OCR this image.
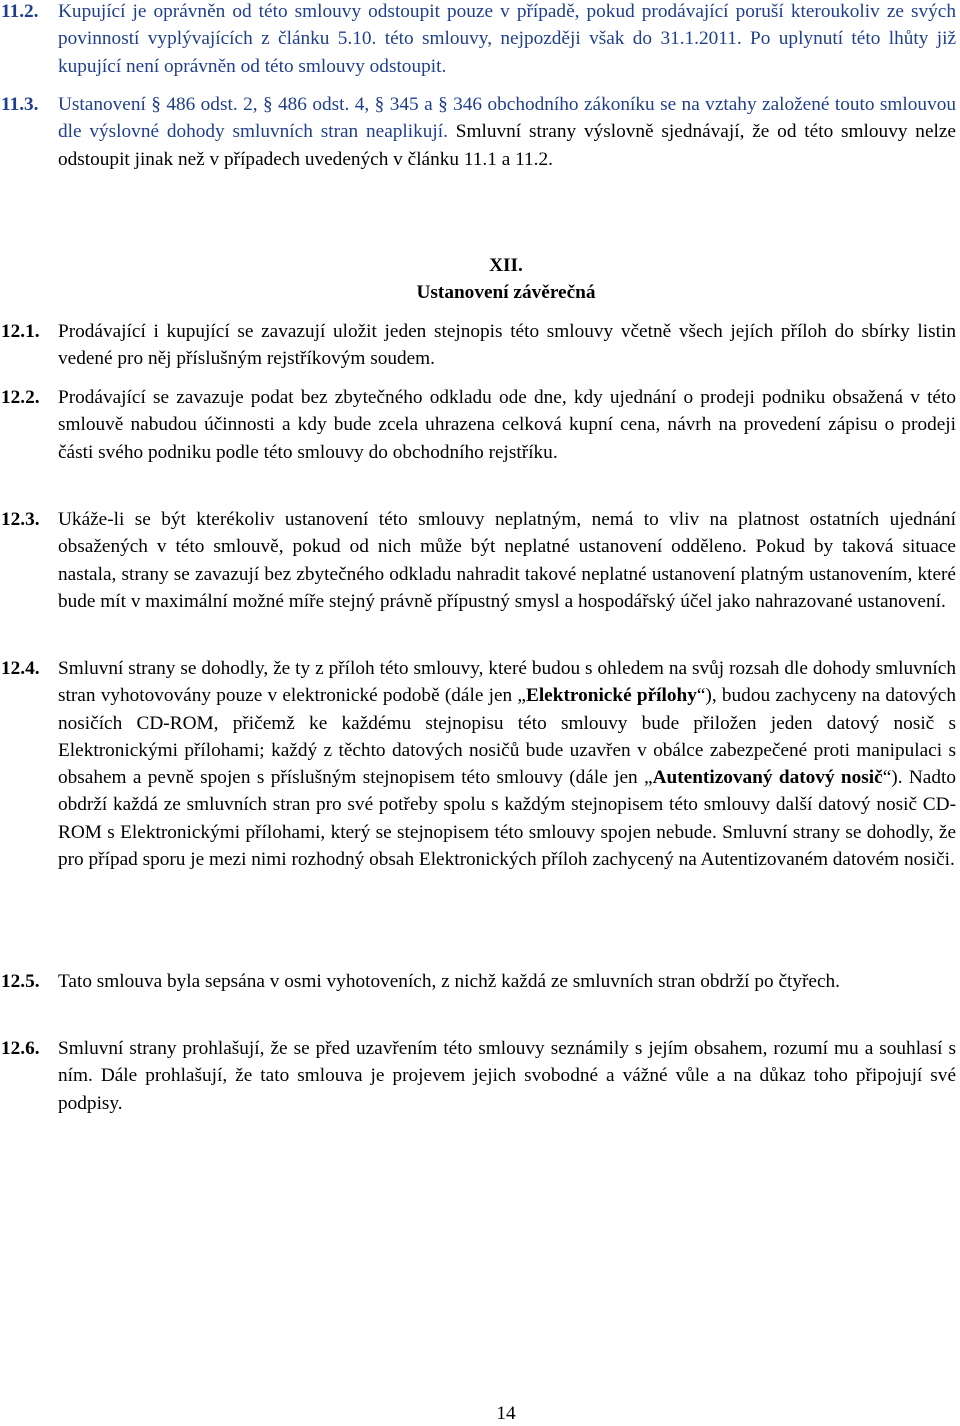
11.2. Kupující je oprávněn od této smlouvy odstoupit pouze v případě, pokud prodávající poruší kteroukoliv ze svých povinností vyplývajících z článku 5.10. této smlouvy, nejpozději však do 31.1.2011. Po uplynutí této lhůty již kupující není oprávněn od této smlouvy odstoupit.
11.3. Ustanovení § 486 odst. 2, § 486 odst. 4, § 345 a § 346 obchodního zákoníku se na vztahy založené touto smlouvou dle výslovné dohody smluvních stran neaplikují. Smluvní strany výslovně sjednávají, že od této smlouvy nelze odstoupit jinak než v případech uvedených v článku 11.1 a 11.2.
XII.
Ustanovení závěrečná
12.1. Prodávající i kupující se zavazují uložit jeden stejnopis této smlouvy včetně všech jejích příloh do sbírky listin vedené pro něj příslušným rejstříkovým soudem.
12.2. Prodávající se zavazuje podat bez zbytečného odkladu ode dne, kdy ujednání o prodeji podniku obsažená v této smlouvě nabudou účinnosti a kdy bude zcela uhrazena celková kupní cena, návrh na provedení zápisu o prodeji části svého podniku podle této smlouvy do obchodního rejstříku.
12.3. Ukáže-li se být kterékoliv ustanovení této smlouvy neplatným, nemá to vliv na platnost ostatních ujednání obsažených v této smlouvě, pokud od nich může být neplatné ustanovení odděleno. Pokud by taková situace nastala, strany se zavazují bez zbytečného odkladu nahradit takové neplatné ustanovení platným ustanovením, které bude mít v maximální možné míře stejný právně přípustný smysl a hospodářský účel jako nahrazované ustanovení.
12.4. Smluvní strany se dohodly, že ty z příloh této smlouvy, které budou s ohledem na svůj rozsah dle dohody smluvních stran vyhotovovány pouze v elektronické podobě (dále jen „Elektronické přílohy“), budou zachyceny na datových nosičích CD-ROM, přičemž ke každému stejnopisu této smlouvy bude přiložen jeden datový nosič s Elektronickými přílohami; každý z těchto datových nosičů bude uzavřen v obálce zabezpečené proti manipulaci s obsahem a pevně spojen s příslušným stejnopisem této smlouvy (dále jen „Autentizovaný datový nosič“). Nadto obdrží každá ze smluvních stran pro své potřeby spolu s každým stejnopisem této smlouvy další datový nosič CD-ROM s Elektronickými přílohami, který se stejnopisem této smlouvy spojen nebude. Smluvní strany se dohodly, že pro případ sporu je mezi nimi rozhodný obsah Elektronických příloh zachycený na Autentizovaném datovém nosiči.
12.5. Tato smlouva byla sepsána v osmi vyhotoveních, z nichž každá ze smluvních stran obdrží po čtyřech.
12.6. Smluvní strany prohlašují, že se před uzavřením této smlouvy seznámily s jejím obsahem, rozumí mu a souhlasí s ním. Dále prohlašují, že tato smlouva je projevem jejich svobodné a vážné vůle a na důkaz toho připojují své podpisy.
14
